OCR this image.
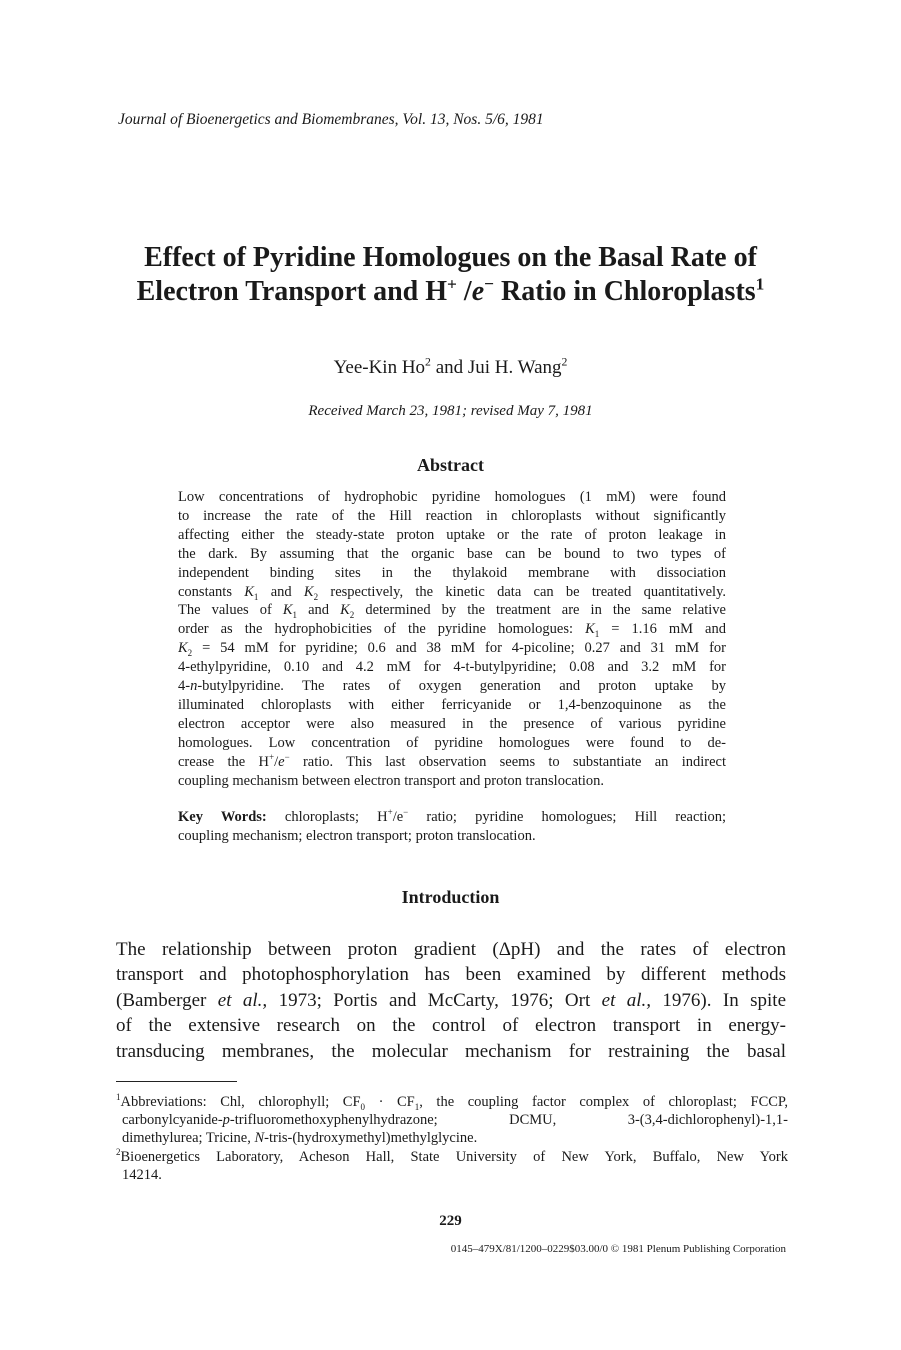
Journal of Bioenergetics and Biomembranes, Vol. 13, Nos. 5/6, 1981
Effect of Pyridine Homologues on the Basal Rate of
Electron Transport and H+ /e− Ratio in Chloroplasts$^1$
Yee-Kin Ho$^2$ and Jui H. Wang$^2$
Received March 23, 1981; revised May 7, 1981
Abstract
Low concentrations of hydrophobic pyridine homologues (1 mM) were found
to increase the rate of the Hill reaction in chloroplasts without significantly
affecting either the steady-state proton uptake or the rate of proton leakage in
the dark. By assuming that the organic base can be bound to two types of
independent binding sites in the thylakoid membrane with dissociation
constants $K_1$ and $K_2$ respectively, the kinetic data can be treated quantitatively.
The values of $K_1$ and $K_2$ determined by the treatment are in the same relative
order as the hydrophobicities of the pyridine homologues: $K_1 = 1.16$ mM and
$K_2 = 54$ mM for pyridine; 0.6 and 38 mM for 4-picoline; 0.27 and 31 mM for
4-ethylpyridine, 0.10 and 4.2 mM for 4-t-butylpyridine; 0.08 and 3.2 mM for
4-n-butylpyridine. The rates of oxygen generation and proton uptake by
illuminated chloroplasts with either ferricyanide or 1,4-benzoquinone as the
electron acceptor were also measured in the presence of various pyridine
homologues. Low concentration of pyridine homologues were found to de-
crease the H+/e− ratio. This last observation seems to substantiate an indirect
coupling mechanism between electron transport and proton translocation.
Key Words: chloroplasts; H+/e− ratio; pyridine homologues; Hill reaction;
coupling mechanism; electron transport; proton translocation.
Introduction
The relationship between proton gradient (ΔpH) and the rates of electron
transport and photophosphorylation has been examined by different methods
(Bamberger et al., 1973; Portis and McCarty, 1976; Ort et al., 1976). In spite
of the extensive research on the control of electron transport in energy-
transducing membranes, the molecular mechanism for restraining the basal
$^1$Abbreviations: Chl, chlorophyll; $CF_0 \cdot CF_1$, the coupling factor complex of chloroplast; FCCP,
carbonylcyanide-p-trifluoromethoxyphenylhydrazone; DCMU, 3-(3,4-dichlorophenyl)-1,1-
dimethylurea; Tricine, N-tris-(hydroxymethyl)methylglycine.
$^2$Bioenergetics Laboratory, Acheson Hall, State University of New York, Buffalo, New York
14214.
229
0145–479X/81/1200–0229$03.00/0 © 1981 Plenum Publishing Corporation
